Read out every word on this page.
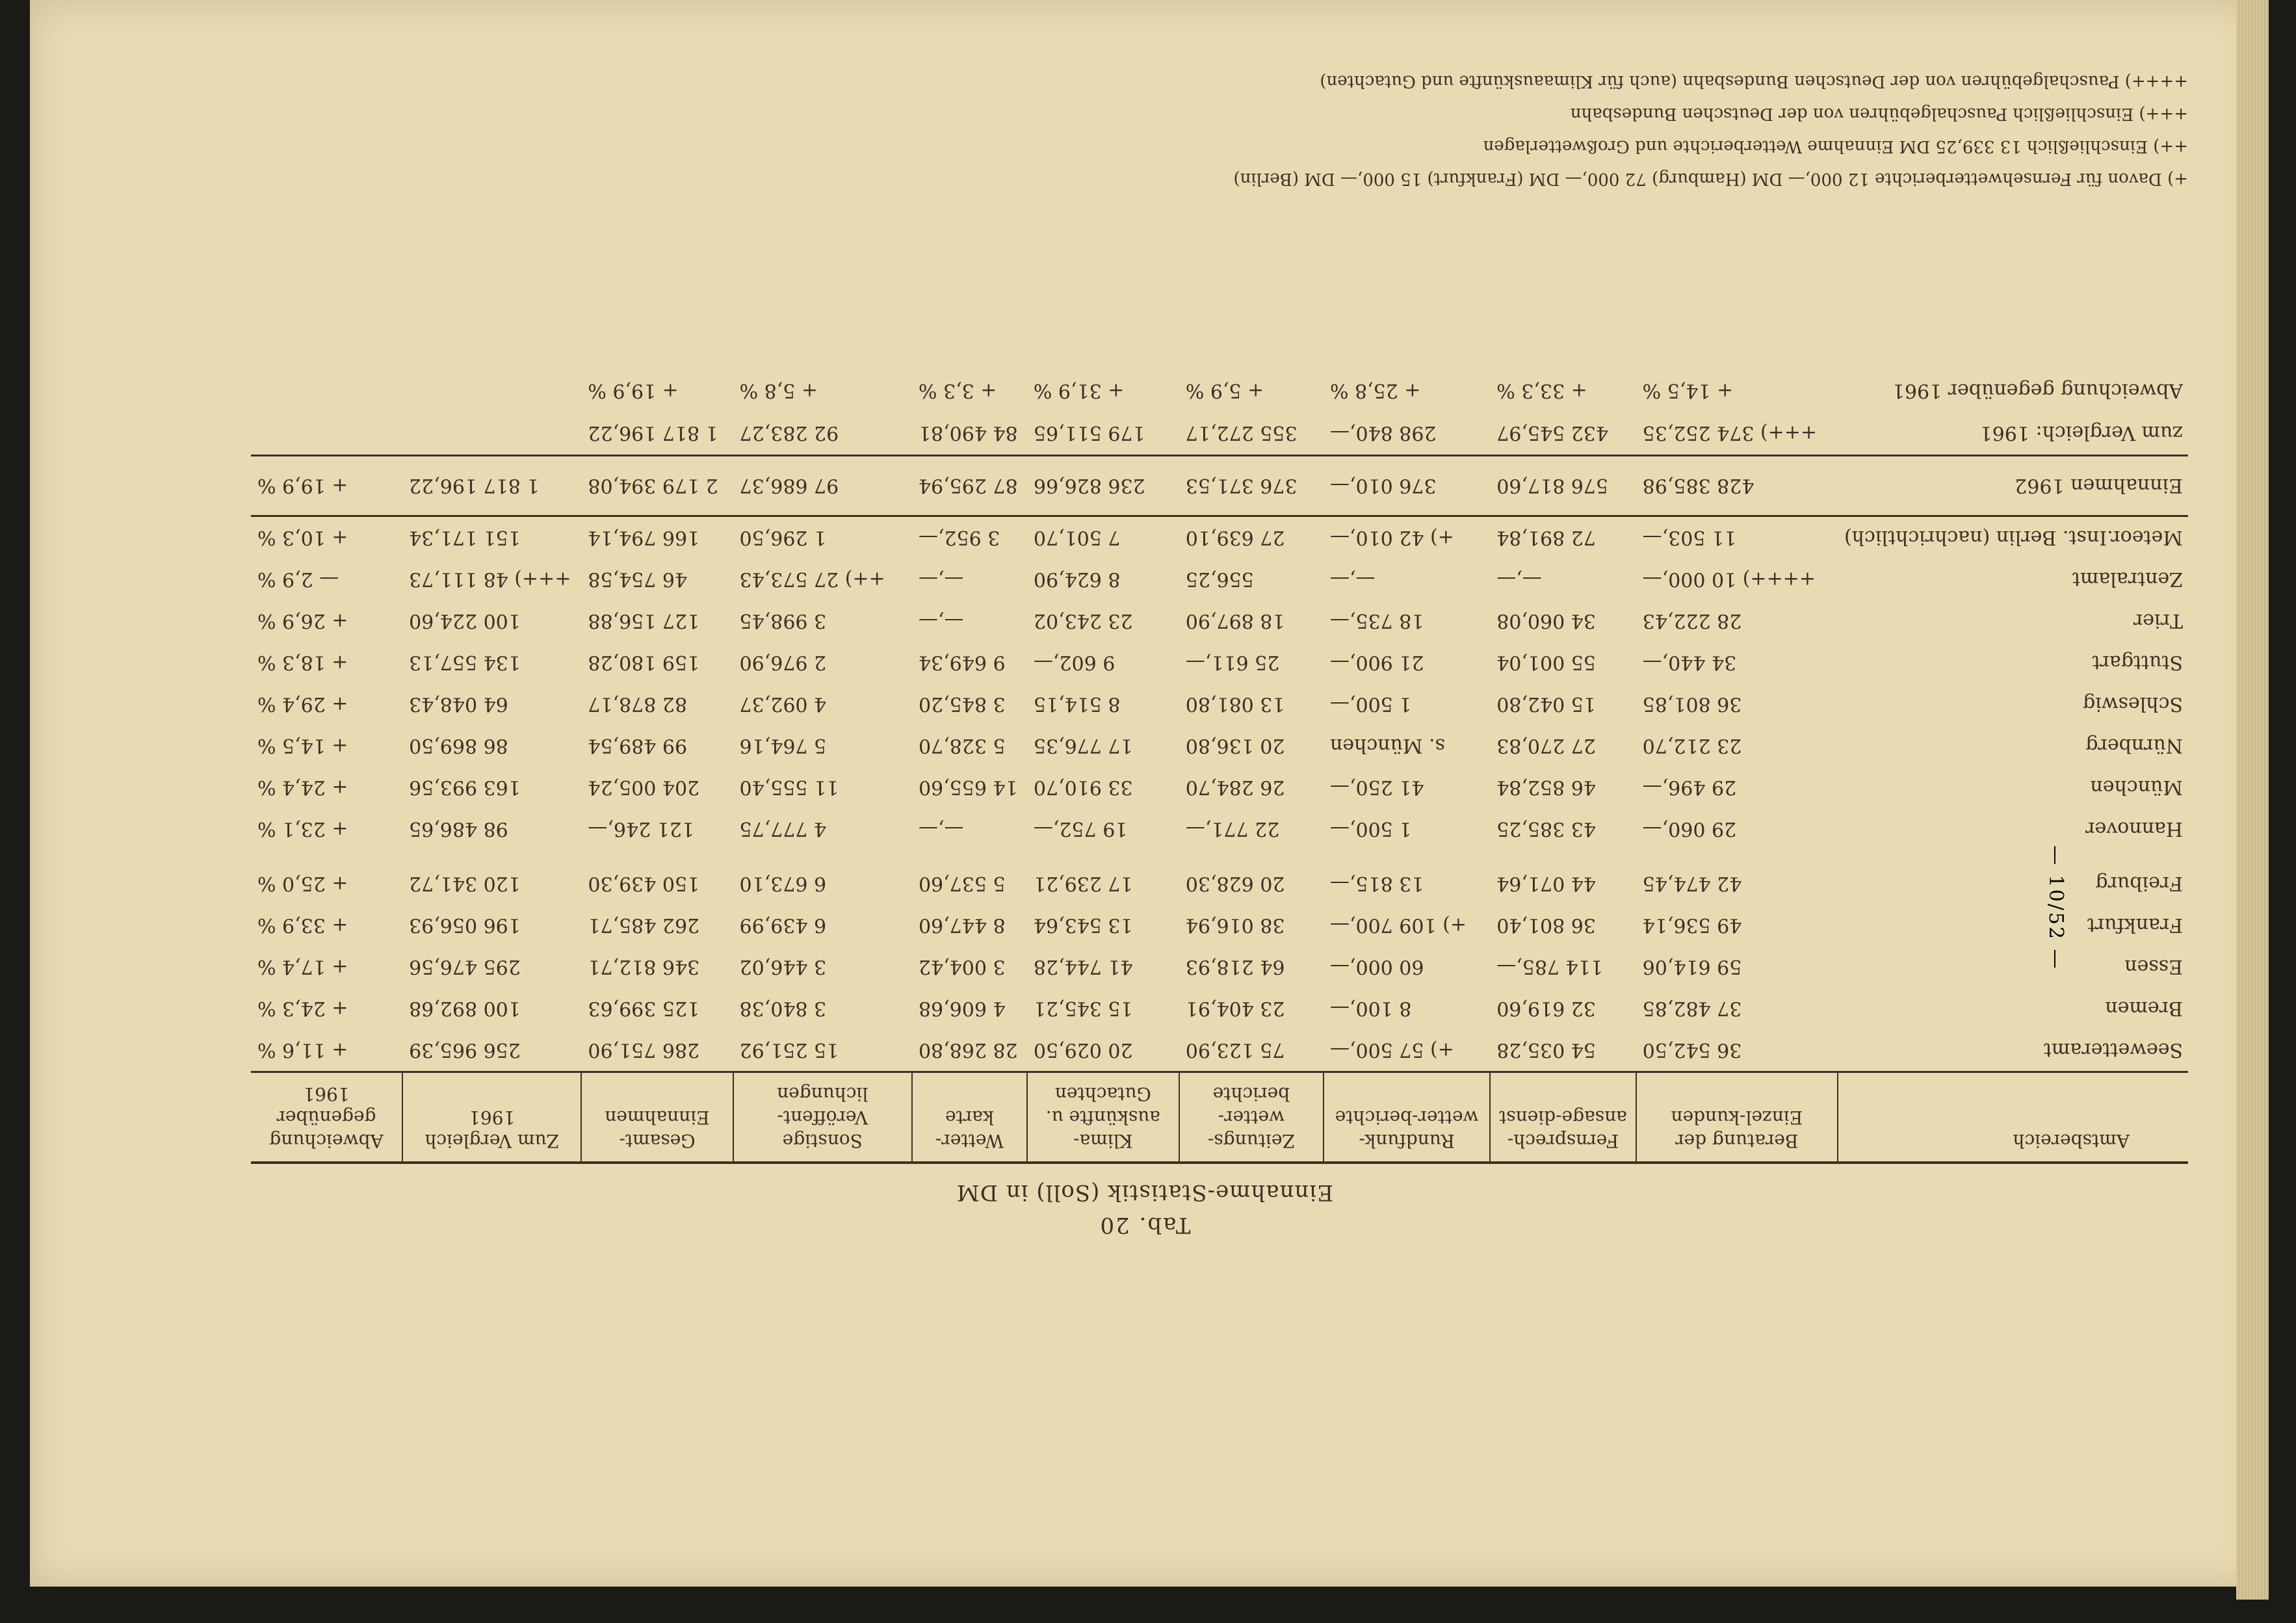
Tab. 20
Einnahme-Statistik (Soll) in DM
Amtsbereich	Beratung der Einzel-kunden	Fernsprech-ansage-dienst	Rundfunk-wetter-berichte	Zeitungs-wetter-berichte	Klima-auskünfte u. Gutachten	Wetter-karte	Sonstige Veröffent-lichungen	Gesamt-Einnahmen	Zum Vergleich 1961	Abweichung gegenüber 1961
Seewetteramt	36 542,50	54 035,28	+) 57 500,—	75 123,90	20 029,50	28 268,80	15 251,92	286 751,90	256 965,39	+ 11,6 %
Bremen	37 482,85	32 619,60	8 100,—	23 404,91	15 345,21	4 606,68	3 840,38	125 399,63	100 892,68	+ 24,3 %
Essen	59 614,06	114 785,—	60 000,—	64 218,93	41 744,28	3 004,42	3 446,02	346 812,71	295 476,56	+ 17,4 %
Frankfurt	49 536,14	36 801,40	+) 109 700,—	38 016,94	13 543,64	8 447,60	6 439,99	262 485,71	196 056,93	+ 33,9 %
Freiburg	42 474,45	44 071,64	13 815,—	20 628,30	17 239,21	5 537,60	6 673,10	150 439,30	120 341,72	+ 25,0 %

Hannover	29 060,—	43 385,25	1 500,—	22 771,—	19 752,—	—,—	4 777,75	121 246,—	98 486,65	+ 23,1 %
München	29 496,—	46 852,84	41 250,—	26 284,70	33 910,70	14 655,60	11 555,40	204 005,24	163 993,56	+ 24,4 %
Nürnberg	23 212,70	27 270,83	s. München	20 136,80	17 776,35	5 328,70	5 764,16	99 489,54	86 869,50	+ 14,5 %
Schleswig	36 801,85	15 042,80	1 500,—	13 081,80	8 514,15	3 845,20	4 092,37	82 878,17	64 048,43	+ 29,4 %
Stuttgart	34 440,—	55 001,04	21 900,—	25 611,—	9 602,—	9 649,34	2 976,90	159 180,28	134 557,13	+ 18,3 %
Trier	28 222,43	34 060,08	18 735,—	18 897,90	23 243,02	—,—	3 998,45	127 156,88	100 224,60	+ 26,9 %
Zentralamt	++++) 10 000,—	—,—	—,—	556,25	8 624,90	—,—	++) 27 573,43	46 754,58	+++) 48 111,73	— 2,9 %
Meteor.Inst. Berlin (nachrichtlich)	11 503,—	72 891,84	+) 42 010,—	27 639,10	7 501,70	3 952,—	1 296,50	166 794,14	151 171,34	+ 10,3 %
Einnahmen 1962	428 385,98	576 817,60	376 010,—	376 371,53	236 826,66	87 295,94	97 686,37	2 179 394,08	1 817 196,22	+ 19,9 %
zum Vergleich: 1961	+++) 374 252,35	432 545,97	298 840,—	355 272,17	179 511,65	84 490,81	92 283,27	1 817 196,22		
Abweichung gegenüber 1961	+ 14,5 %	+ 33,3 %	+ 25,8 %	+ 5,9 %	+ 31,9 %	+ 3,3 %	+ 5,8 %	+ 19,9 %		
+) Davon für Fernsehwetterberichte 12 000,— DM (Hamburg) 72 000,— DM (Frankfurt) 15 000,— DM (Berlin)
++) Einschließlich 13 339,25 DM Einnahme Wetterberichte und Großwetterlagen
+++) Einschließlich Pauschalgebühren von der Deutschen Bundesbahn
++++) Pauschalgebühren von der Deutschen Bundesbahn (auch für Klimaauskünfte und Gutachten)
— 10/52 —
